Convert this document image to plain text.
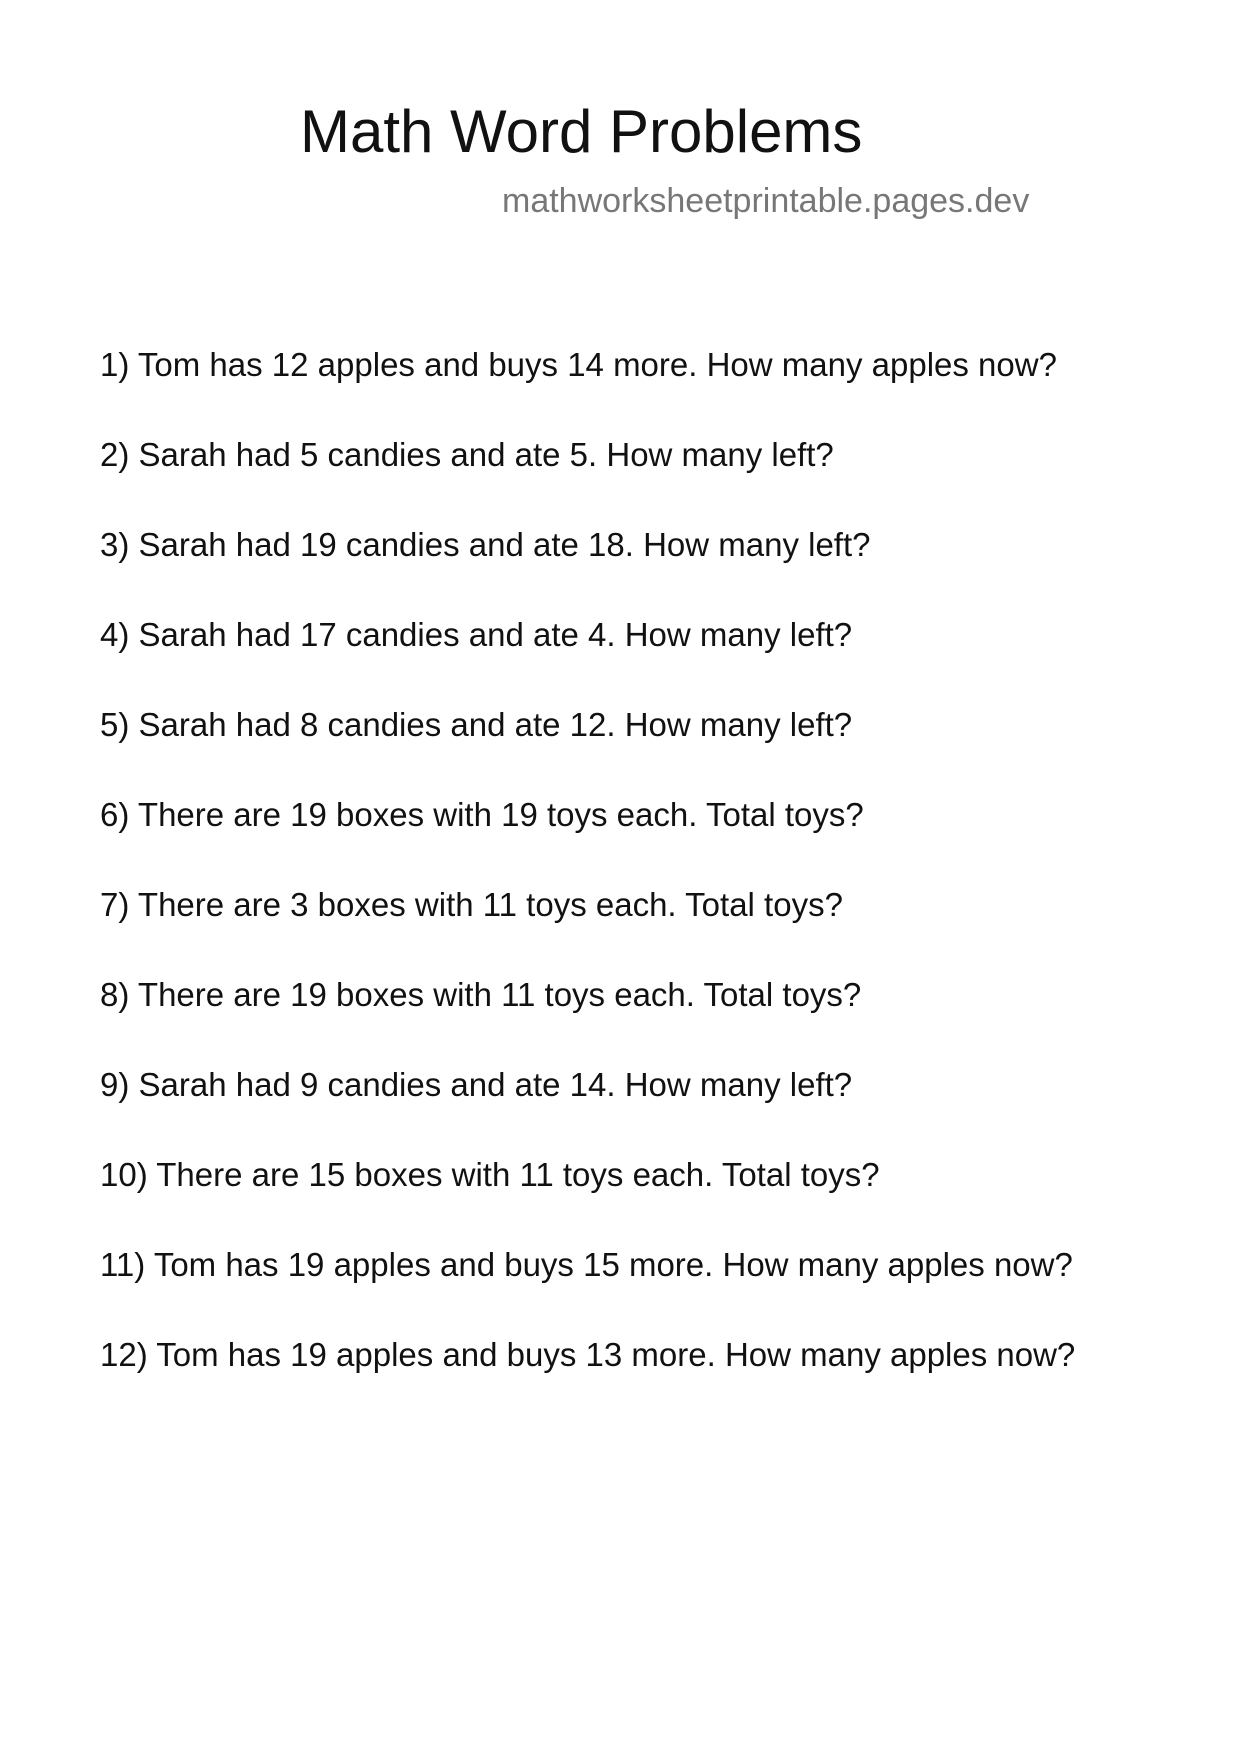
Math Word Problems
mathworksheetprintable.pages.dev
1) Tom has 12 apples and buys 14 more. How many apples now?
2) Sarah had 5 candies and ate 5. How many left?
3) Sarah had 19 candies and ate 18. How many left?
4) Sarah had 17 candies and ate 4. How many left?
5) Sarah had 8 candies and ate 12. How many left?
6) There are 19 boxes with 19 toys each. Total toys?
7) There are 3 boxes with 11 toys each. Total toys?
8) There are 19 boxes with 11 toys each. Total toys?
9) Sarah had 9 candies and ate 14. How many left?
10) There are 15 boxes with 11 toys each. Total toys?
11) Tom has 19 apples and buys 15 more. How many apples now?
12) Tom has 19 apples and buys 13 more. How many apples now?
